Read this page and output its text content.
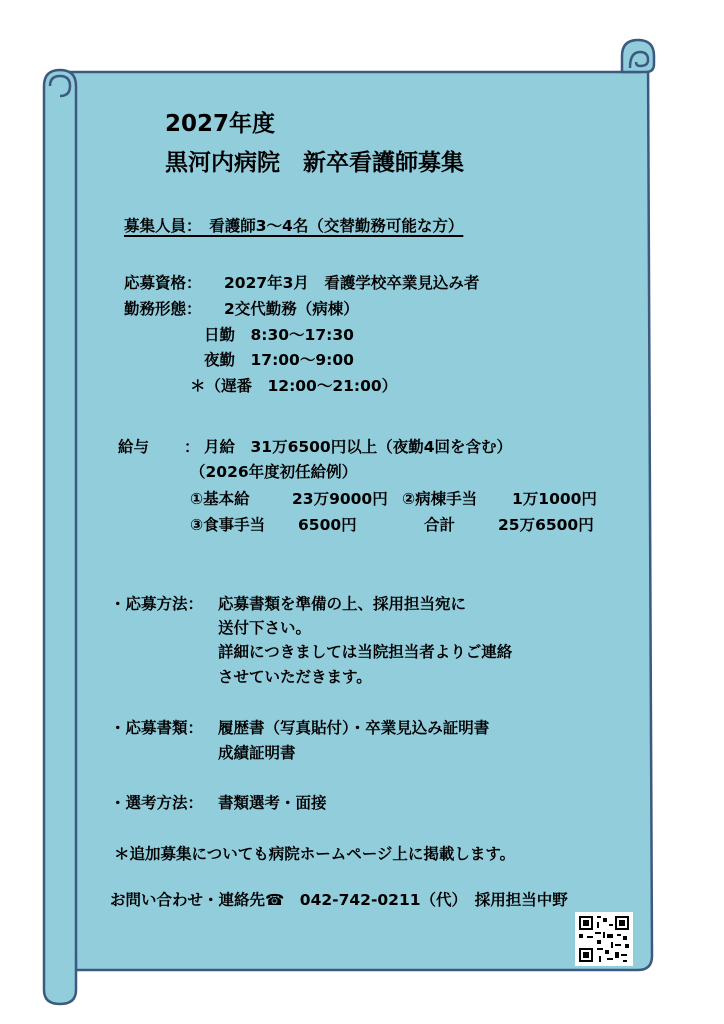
2027年度
黒河内病院　新卒看護師募集
募集人員：　看護師3～4名（交替勤務可能な方）
応募資格： 2027年3月　看護学校卒業見込み者
勤務形態： 2交代勤務（病棟）
日勤　8:30～17:30
夜勤　17:00～9:00
＊（遅番　12:00～21:00）
給与 ： 月給　31万6500円以上（夜勤4回を含む）
（2026年度初任給例）
①基本給	23万9000円 ②病棟手当 1万1000円
③食事手当 6500円	合計	25万6500円
・応募方法： 応募書類を準備の上、採用担当宛に
送付下さい。
詳細につきましては当院担当者よりご連絡
させていただきます。
・応募書類： 履歴書（写真貼付）・卒業見込み証明書
成績証明書
・選考方法： 書類選考・面接
＊追加募集についても病院ホームページ上に掲載します。
お問い合わせ・連絡先☎　042-742-0211（代）　採用担当中野
